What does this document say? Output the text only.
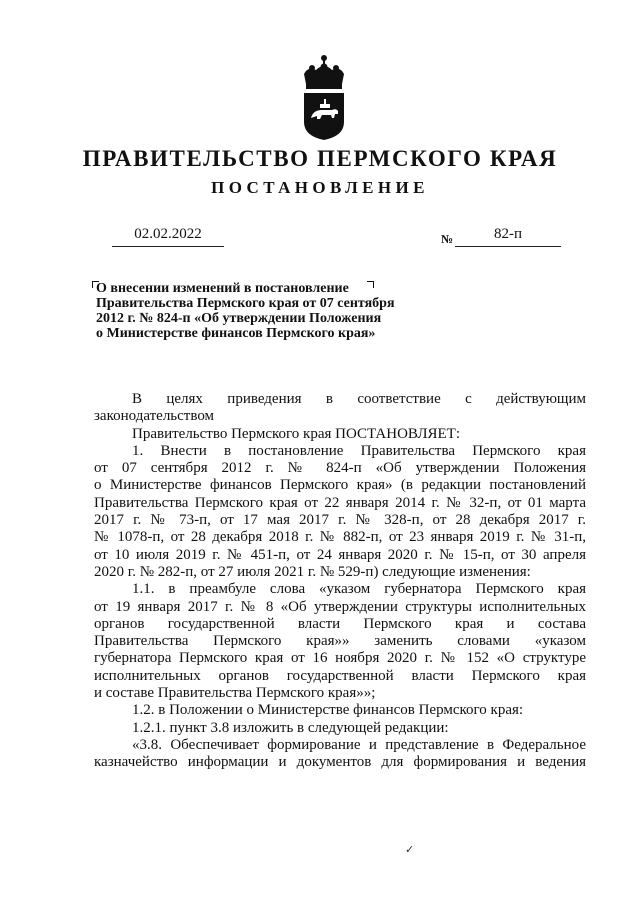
ПРАВИТЕЛЬСТВО ПЕРМСКОГО КРАЯ
ПОСТАНОВЛЕНИЕ
02.02.2022	№	82-п
О внесении изменений в постановление
Правительства Пермского края от 07 сентября
2012 г. № 824-п «Об утверждении Положения
о Министерстве финансов Пермского края»
В целях приведения в соответствие с действующим
законодательством
Правительство Пермского края ПОСТАНОВЛЯЕТ:
1. Внести в постановление Правительства Пермского края
от 07 сентября 2012 г. № 824-п «Об утверждении Положения
о Министерстве финансов Пермского края» (в редакции постановлений
Правительства Пермского края от 22 января 2014 г. № 32-п, от 01 марта
2017 г. № 73-п, от 17 мая 2017 г. № 328-п, от 28 декабря 2017 г.
№ 1078-п, от 28 декабря 2018 г. № 882-п, от 23 января 2019 г. № 31-п,
от 10 июля 2019 г. № 451-п, от 24 января 2020 г. № 15-п, от 30 апреля
2020 г. № 282-п, от 27 июля 2021 г. № 529-п) следующие изменения:
1.1. в преамбуле слова «указом губернатора Пермского края
от 19 января 2017 г. № 8 «Об утверждении структуры исполнительных
органов государственной власти Пермского края и состава
Правительства Пермского края»» заменить словами «указом
губернатора Пермского края от 16 ноября 2020 г. № 152 «О структуре
исполнительных органов государственной власти Пермского края
и составе Правительства Пермского края»»;
1.2. в Положении о Министерстве финансов Пермского края:
1.2.1. пункт 3.8 изложить в следующей редакции:
«3.8. Обеспечивает формирование и представление в Федеральное
казначейство информации и документов для формирования и ведения
✓
